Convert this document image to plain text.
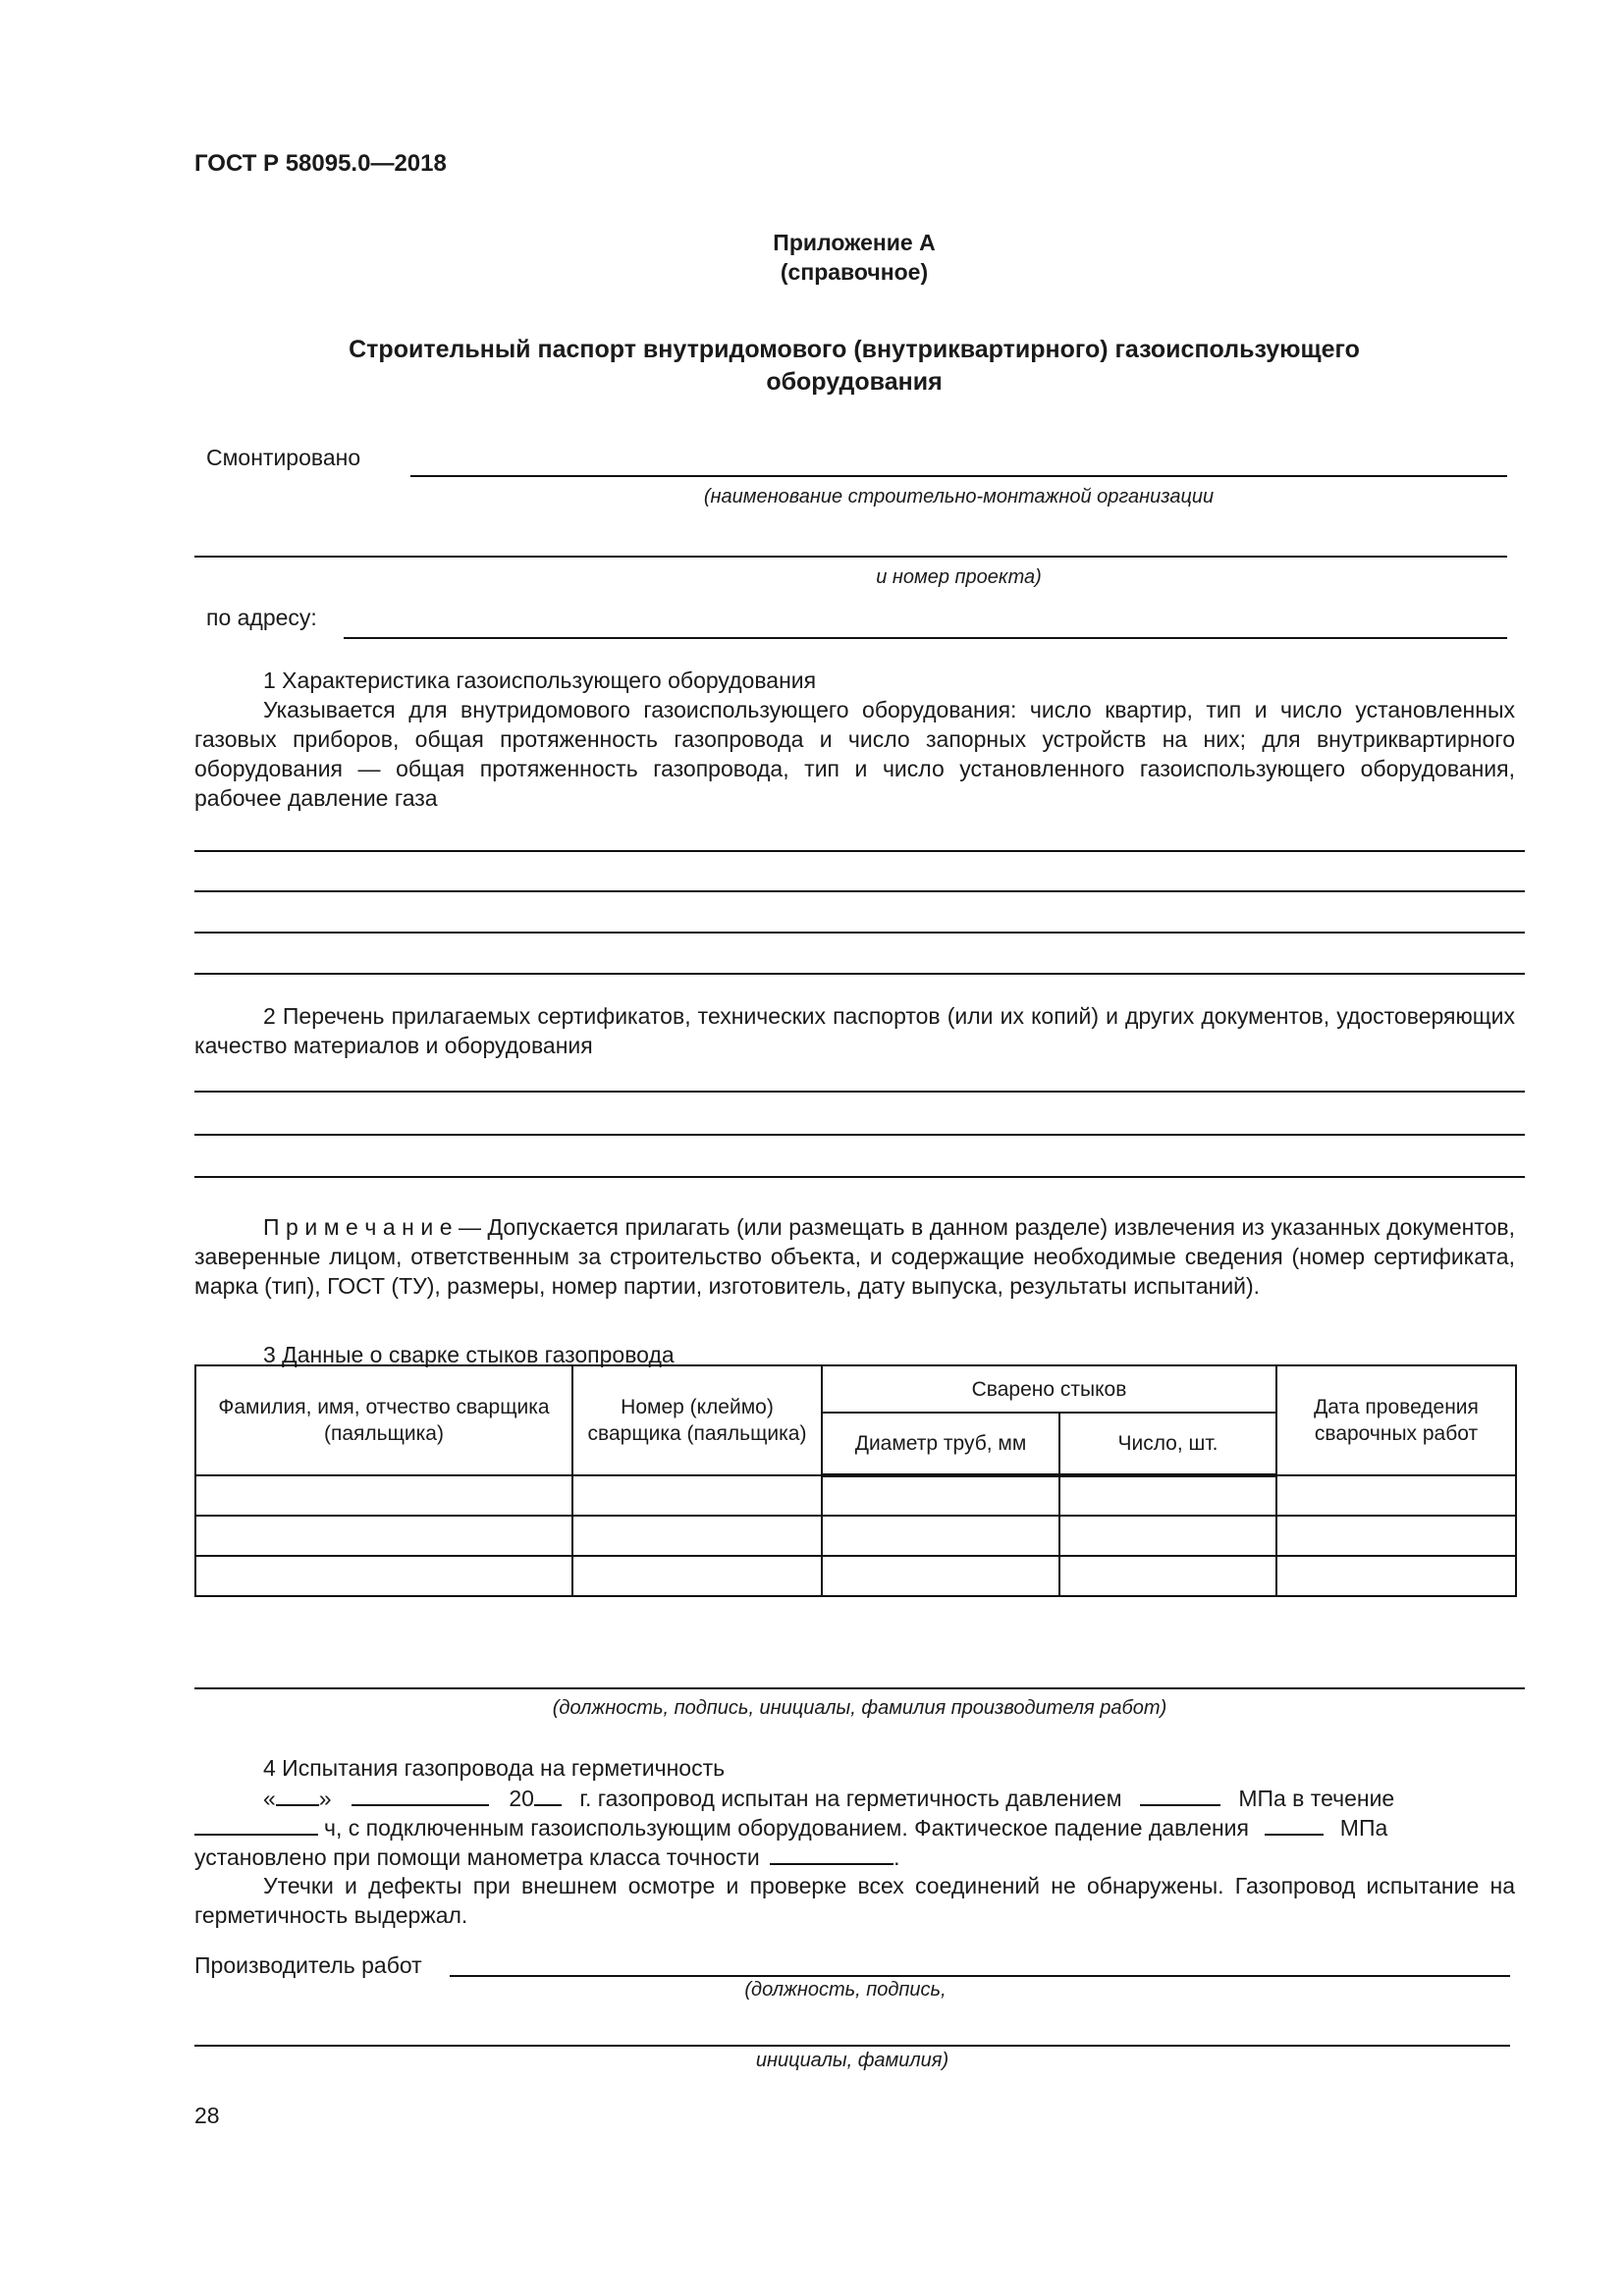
ГОСТ Р 58095.0—2018
Приложение А
(справочное)
Строительный паспорт внутридомового (внутриквартирного) газоиспользующего
оборудования
Смонтировано
(наименование строительно-монтажной организации
и номер проекта)
по адресу:
1 Характеристика газоиспользующего оборудования
Указывается для внутридомового газоиспользующего оборудования: число квартир, тип и число установленных газовых приборов, общая протяженность газопровода и число запорных устройств на них; для внутриквартирного оборудования — общая протяженность газопровода, тип и число установленного газоиспользующего оборудования, рабочее давление газа
2 Перечень прилагаемых сертификатов, технических паспортов (или их копий) и других документов, удостоверяющих качество материалов и оборудования
П р и м е ч а н и е — Допускается прилагать (или размещать в данном разделе) извлечения из указанных документов, заверенные лицом, ответственным за строительство объекта, и содержащие необходимые сведения (номер сертификата, марка (тип), ГОСТ (ТУ), размеры, номер партии, изготовитель, дату выпуска, результаты испытаний).
3 Данные о сварке стыков газопровода
Фамилия, имя, отчество сварщика (паяльщика)	Номер (клеймо) сварщика (паяльщика)	Сварено стыков		Дата проведения сварочных работ
		Диаметр труб, мм	Число, шт.	

(должность, подпись, инициалы, фамилия производителя работ)
4 Испытания газопровода на герметичность
« »	20 г. газопровод испытан на герметичность давлением	МПа в течение
ч, с подключенным газоиспользующим оборудованием. Фактическое падение давления	МПа
установлено при помощи манометра класса точности	.
Утечки и дефекты при внешнем осмотре и проверке всех соединений не обнаружены. Газопровод испытание на герметичность выдержал.
Производитель работ
(должность, подпись,
инициалы, фамилия)
28
